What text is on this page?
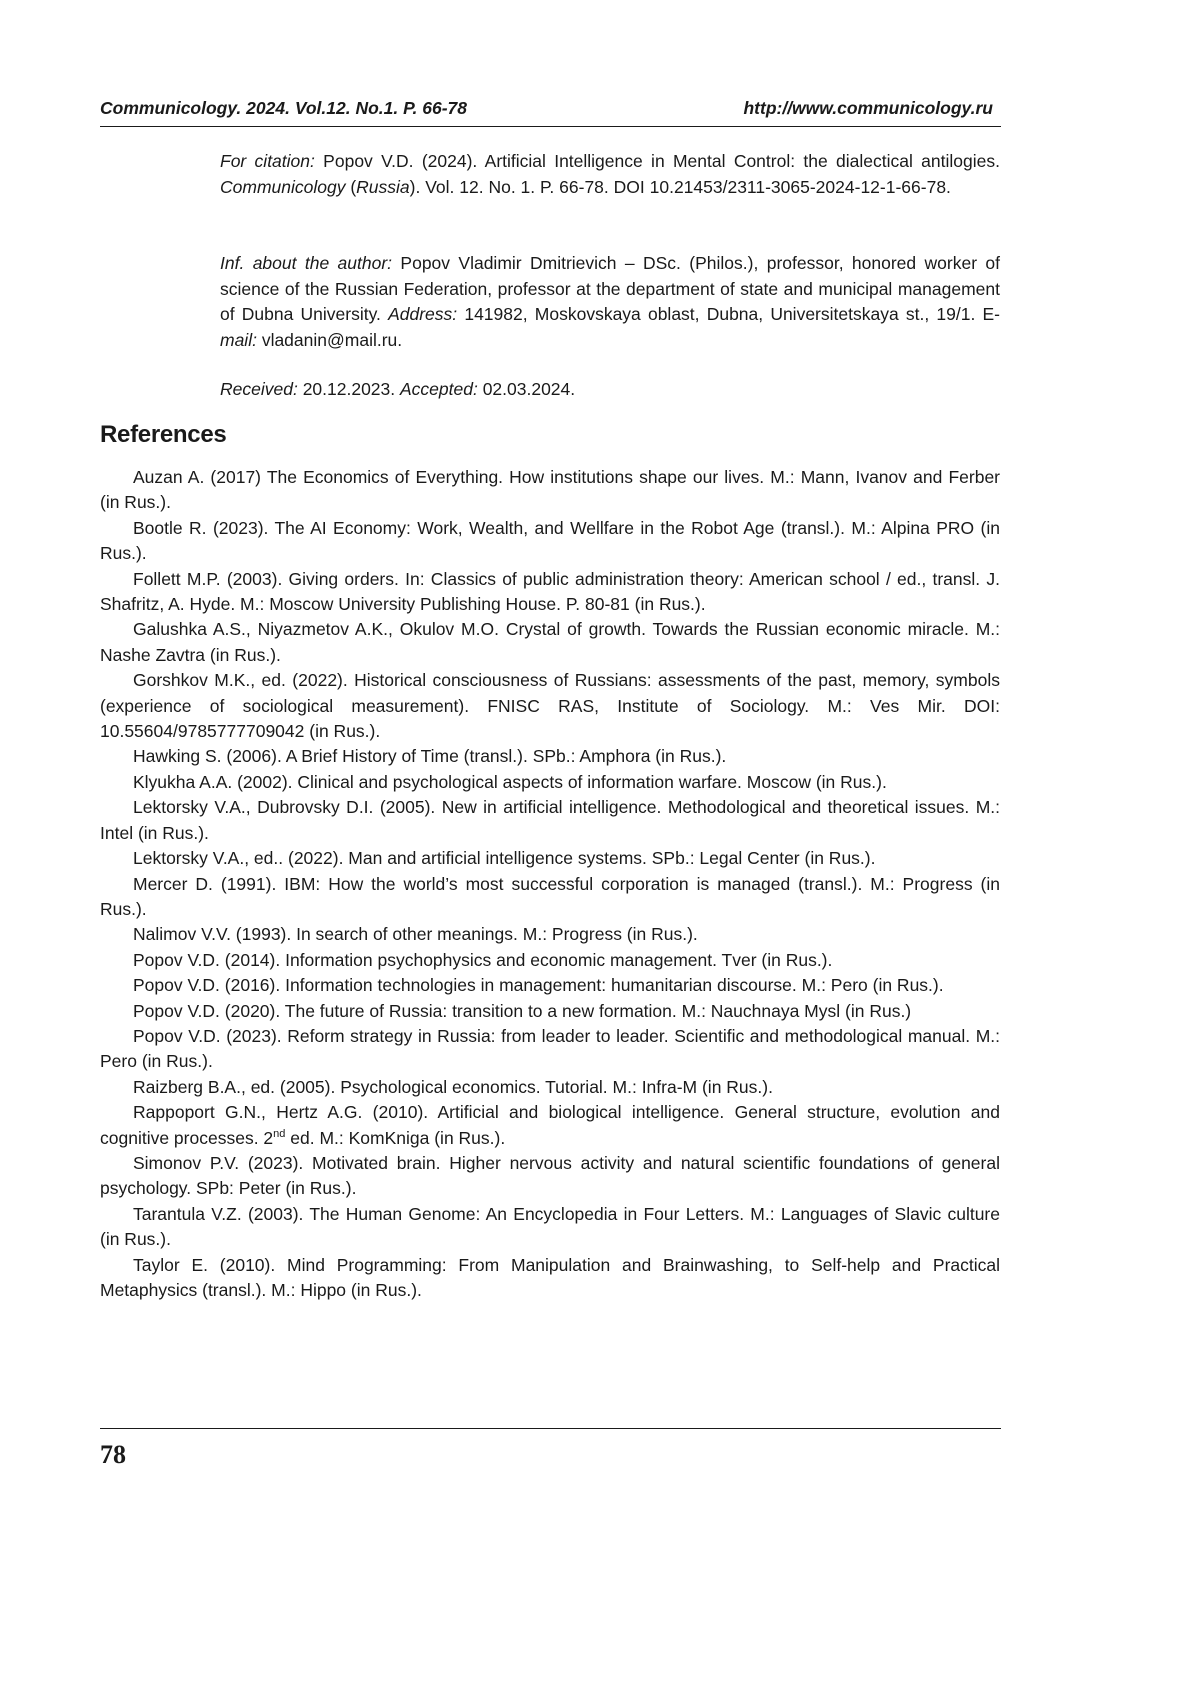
Communicology. 2024. Vol.12. No.1. P. 66-78	http://www.communicology.ru

For citation: Popov V.D. (2024). Artificial Intelligence in Mental Control: the dialectical antilogies. Communicology (Russia). Vol. 12. No. 1. P. 66-78. DOI 10.21453/2311-3065-2024-12-1-66-78.

Inf. about the author: Popov Vladimir Dmitrievich – DSc. (Philos.), professor, honored worker of science of the Russian Federation, professor at the department of state and municipal management of Dubna University. Address: 141982, Moskovskaya oblast, Dubna, Universitetskaya st., 19/1. E-mail: vladanin@mail.ru.

Received: 20.12.2023. Accepted: 02.03.2024.

References
Auzan A. (2017) The Economics of Everything. How institutions shape our lives. M.: Mann, Ivanov and Ferber (in Rus.).
Bootle R. (2023). The AI Economy: Work, Wealth, and Wellfare in the Robot Age (transl.). M.: Alpina PRO (in Rus.).
Follett M.P. (2003). Giving orders. In: Classics of public administration theory: American school / ed., transl. J. Shafritz, A. Hyde. M.: Moscow University Publishing House. P. 80-81 (in Rus.).
Galushka A.S., Niyazmetov A.K., Okulov M.O. Crystal of growth. Towards the Russian economic miracle. M.: Nashe Zavtra (in Rus.).
Gorshkov M.K., ed. (2022). Historical consciousness of Russians: assessments of the past, memory, symbols (experience of sociological measurement). FNISC RAS, Institute of Sociology. M.: Ves Mir. DOI: 10.55604/9785777709042 (in Rus.).
Hawking S. (2006). A Brief History of Time (transl.). SPb.: Amphora (in Rus.).
Klyukha A.A. (2002). Clinical and psychological aspects of information warfare. Moscow (in Rus.).
Lektorsky V.A., Dubrovsky D.I. (2005). New in artificial intelligence. Methodological and theoretical issues. M.: Intel (in Rus.).
Lektorsky V.A., ed.. (2022). Man and artificial intelligence systems. SPb.: Legal Center (in Rus.).
Mercer D. (1991). IBM: How the world’s most successful corporation is managed (transl.). M.: Progress (in Rus.).
Nalimov V.V. (1993). In search of other meanings. M.: Progress (in Rus.).
Popov V.D. (2014). Information psychophysics and economic management. Tver (in Rus.).
Popov V.D. (2016). Information technologies in management: humanitarian discourse. M.: Pero (in Rus.).
Popov V.D. (2020). The future of Russia: transition to a new formation. M.: Nauchnaya Mysl (in Rus.)
Popov V.D. (2023). Reform strategy in Russia: from leader to leader. Scientific and methodological manual. M.: Pero (in Rus.).
Raizberg B.A., ed. (2005). Psychological economics. Tutorial. M.: Infra-M (in Rus.).
Rappoport G.N., Hertz A.G. (2010). Artificial and biological intelligence. General structure, evolution and cognitive processes. 2nd ed. M.: KomKniga (in Rus.).
Simonov P.V. (2023). Motivated brain. Higher nervous activity and natural scientific foundations of general psychology. SPb: Peter (in Rus.).
Tarantula V.Z. (2003). The Human Genome: An Encyclopedia in Four Letters. M.: Languages of Slavic culture (in Rus.).
Taylor E. (2010). Mind Programming: From Manipulation and Brainwashing, to Self-help and Practical Metaphysics (transl.). M.: Hippo (in Rus.).
78
